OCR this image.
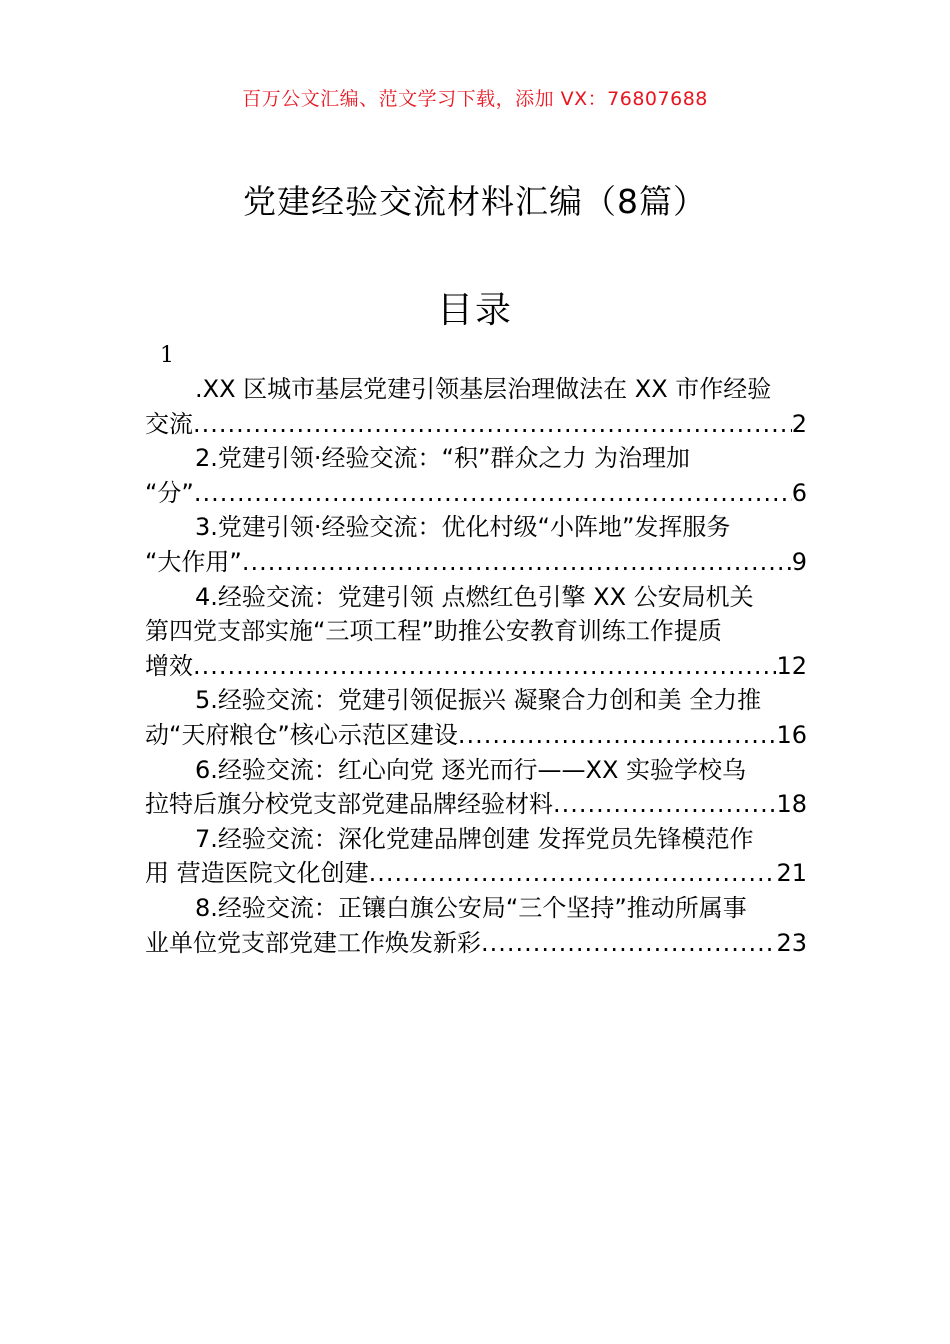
百万公文汇编、范文学习下载，添加 VX：76807688
党建经验交流材料汇编（8篇）
目录
1
.XX 区城市基层党建引领基层治理做法在 XX 市作经验
交流 .....	2
2.党建引领·经验交流：“积”群众之力 为治理加
“分” .....	6
3.党建引领·经验交流：优化村级“小阵地”发挥服务
“大作用” .....	9
4.经验交流：党建引领 点燃红色引擎 XX 公安局机关
第四党支部实施“三项工程”助推公安教育训练工作提质
增效 .....	12
5.经验交流：党建引领促振兴 凝聚合力创和美 全力推
动“天府粮仓”核心示范区建设 .....	16
6.经验交流：红心向党 逐光而行——XX 实验学校乌
拉特后旗分校党支部党建品牌经验材料 .....	18
7.经验交流：深化党建品牌创建 发挥党员先锋模范作
用 营造医院文化创建 .....	21
8.经验交流：正镶白旗公安局“三个坚持”推动所属事
业单位党支部党建工作焕发新彩 .....	23
